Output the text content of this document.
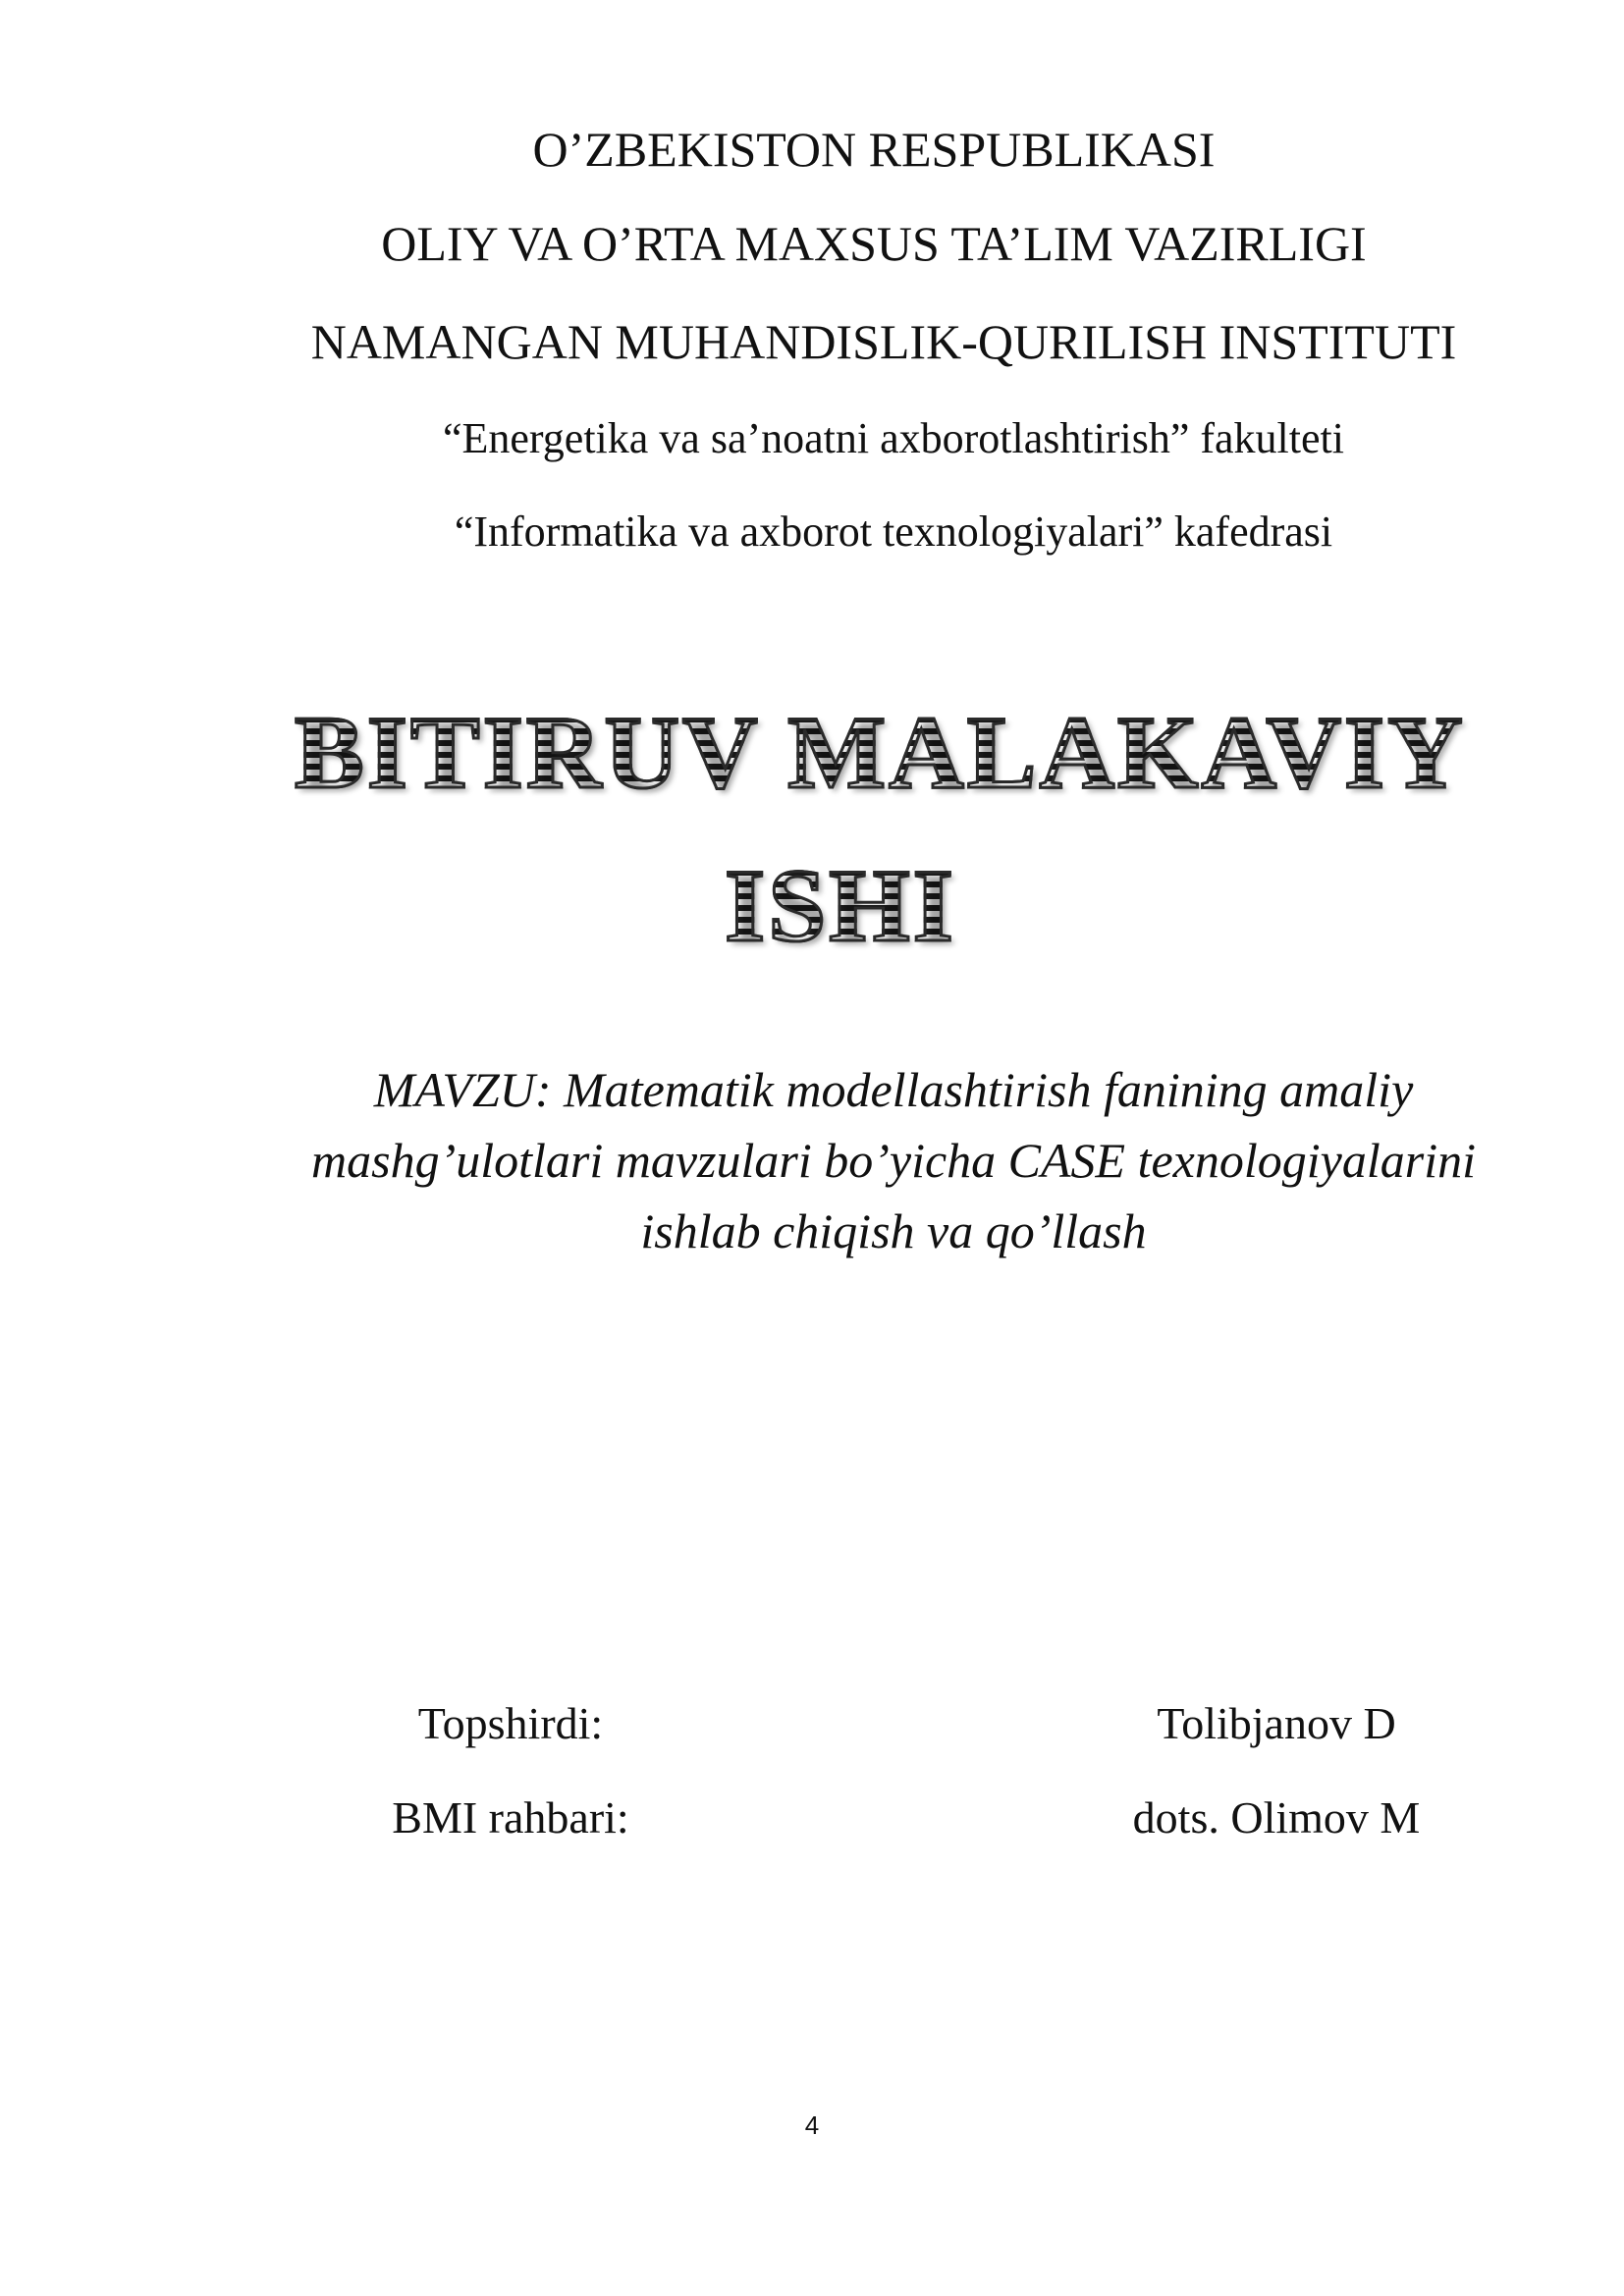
O’ZBEKISTON RESPUBLIKASI
OLIY VA O’RTA MAXSUS TA’LIM VAZIRLIGI
NAMANGAN MUHANDISLIK-QURILISH INSTITUTI
“Energetika va sa’noatni axborotlashtirish” fakulteti
“Informatika va axborot texnologiyalari” kafedrasi
BITIRUV MALAKAVIY
ISHI
MAVZU: Matematik modellashtirish fanining amaliy
mashg’ulotlari mavzulari bo’yicha CASE texnologiyalarini
ishlab chiqish va qo’llash
Topshirdi:	Tolibjanov D
BMI rahbari:	dots. Olimov M
4
